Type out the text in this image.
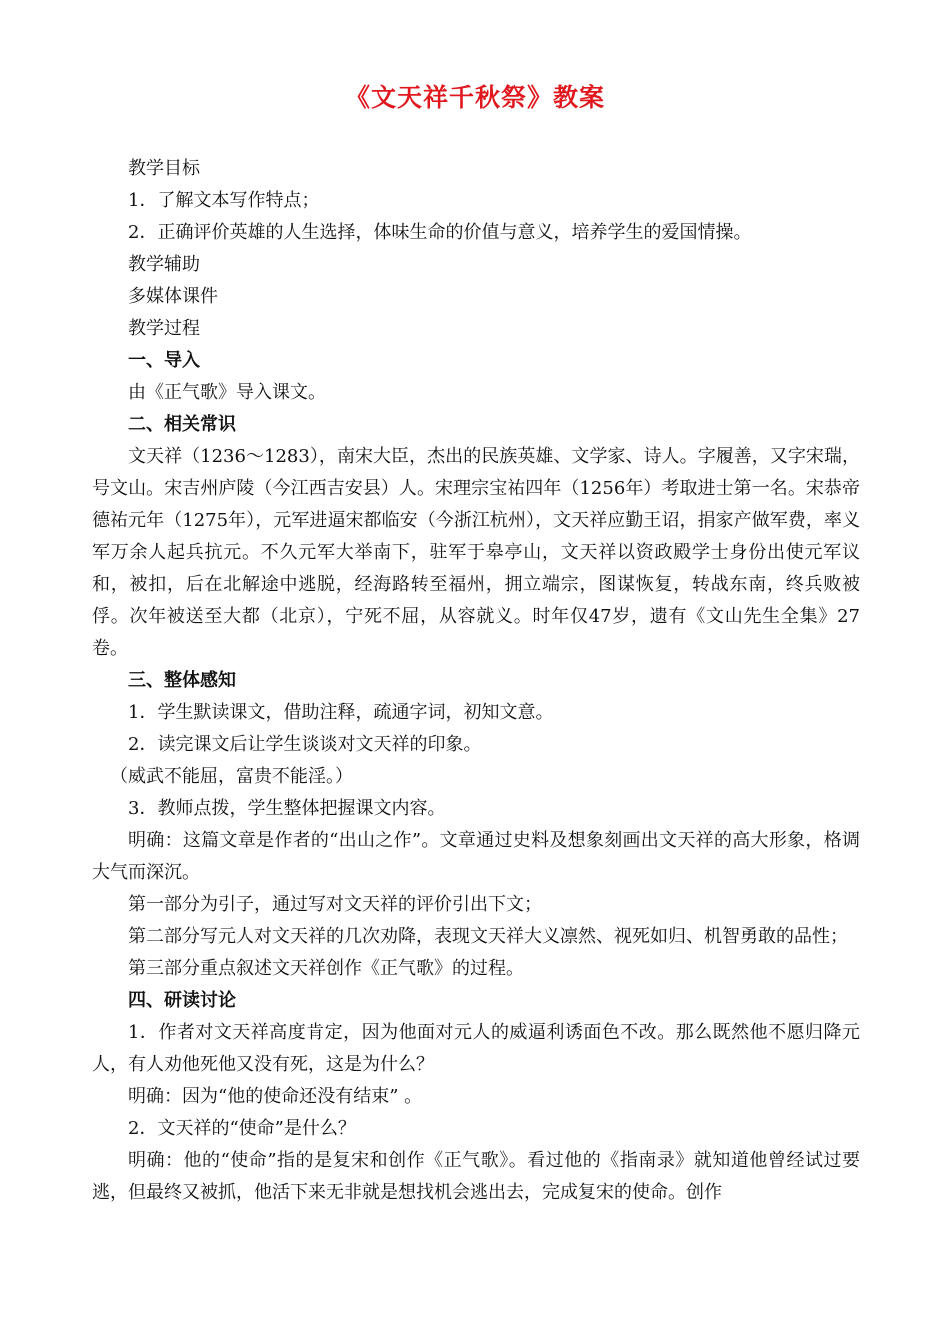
《文天祥千秋祭》教案

教学目标

1．了解文本写作特点；

2．正确评价英雄的人生选择，体味生命的价值与意义，培养学生的爱国情操。

教学辅助

多媒体课件

教学过程

一、导入

由《正气歌》导入课文。

二、相关常识

文天祥（1236～1283），南宋大臣，杰出的民族英雄、文学家、诗人。字履善，又字宋瑞，号文山。宋吉州庐陵（今江西吉安县）人。宋理宗宝祐四年（1256年）考取进士第一名。宋恭帝德祐元年（1275年），元军进逼宋都临安（今浙江杭州），文天祥应勤王诏，捐家产做军费，率义军万余人起兵抗元。不久元军大举南下，驻军于皋亭山，文天祥以资政殿学士身份出使元军议和，被扣，后在北解途中逃脱，经海路转至福州，拥立端宗，图谋恢复，转战东南，终兵败被俘。次年被送至大都（北京），宁死不屈，从容就义。时年仅47岁，遗有《文山先生全集》27卷。

三、整体感知

1．学生默读课文，借助注释，疏通字词，初知文意。

2．读完课文后让学生谈谈对文天祥的印象。

（威武不能屈，富贵不能淫。）

3．教师点拨，学生整体把握课文内容。

明确：这篇文章是作者的“出山之作”。文章通过史料及想象刻画出文天祥的高大形象，格调大气而深沉。

第一部分为引子，通过写对文天祥的评价引出下文；

第二部分写元人对文天祥的几次劝降，表现文天祥大义凛然、视死如归、机智勇敢的品性；

第三部分重点叙述文天祥创作《正气歌》的过程。

四、研读讨论

1．作者对文天祥高度肯定，因为他面对元人的威逼利诱面色不改。那么既然他不愿归降元人，有人劝他死他又没有死，这是为什么？

明确：因为“他的使命还没有结束” 。

2．文天祥的“使命”是什么？

明确：他的“使命”指的是复宋和创作《正气歌》。看过他的《指南录》就知道他曾经试过要逃，但最终又被抓，他活下来无非就是想找机会逃出去，完成复宋的使命。创作
